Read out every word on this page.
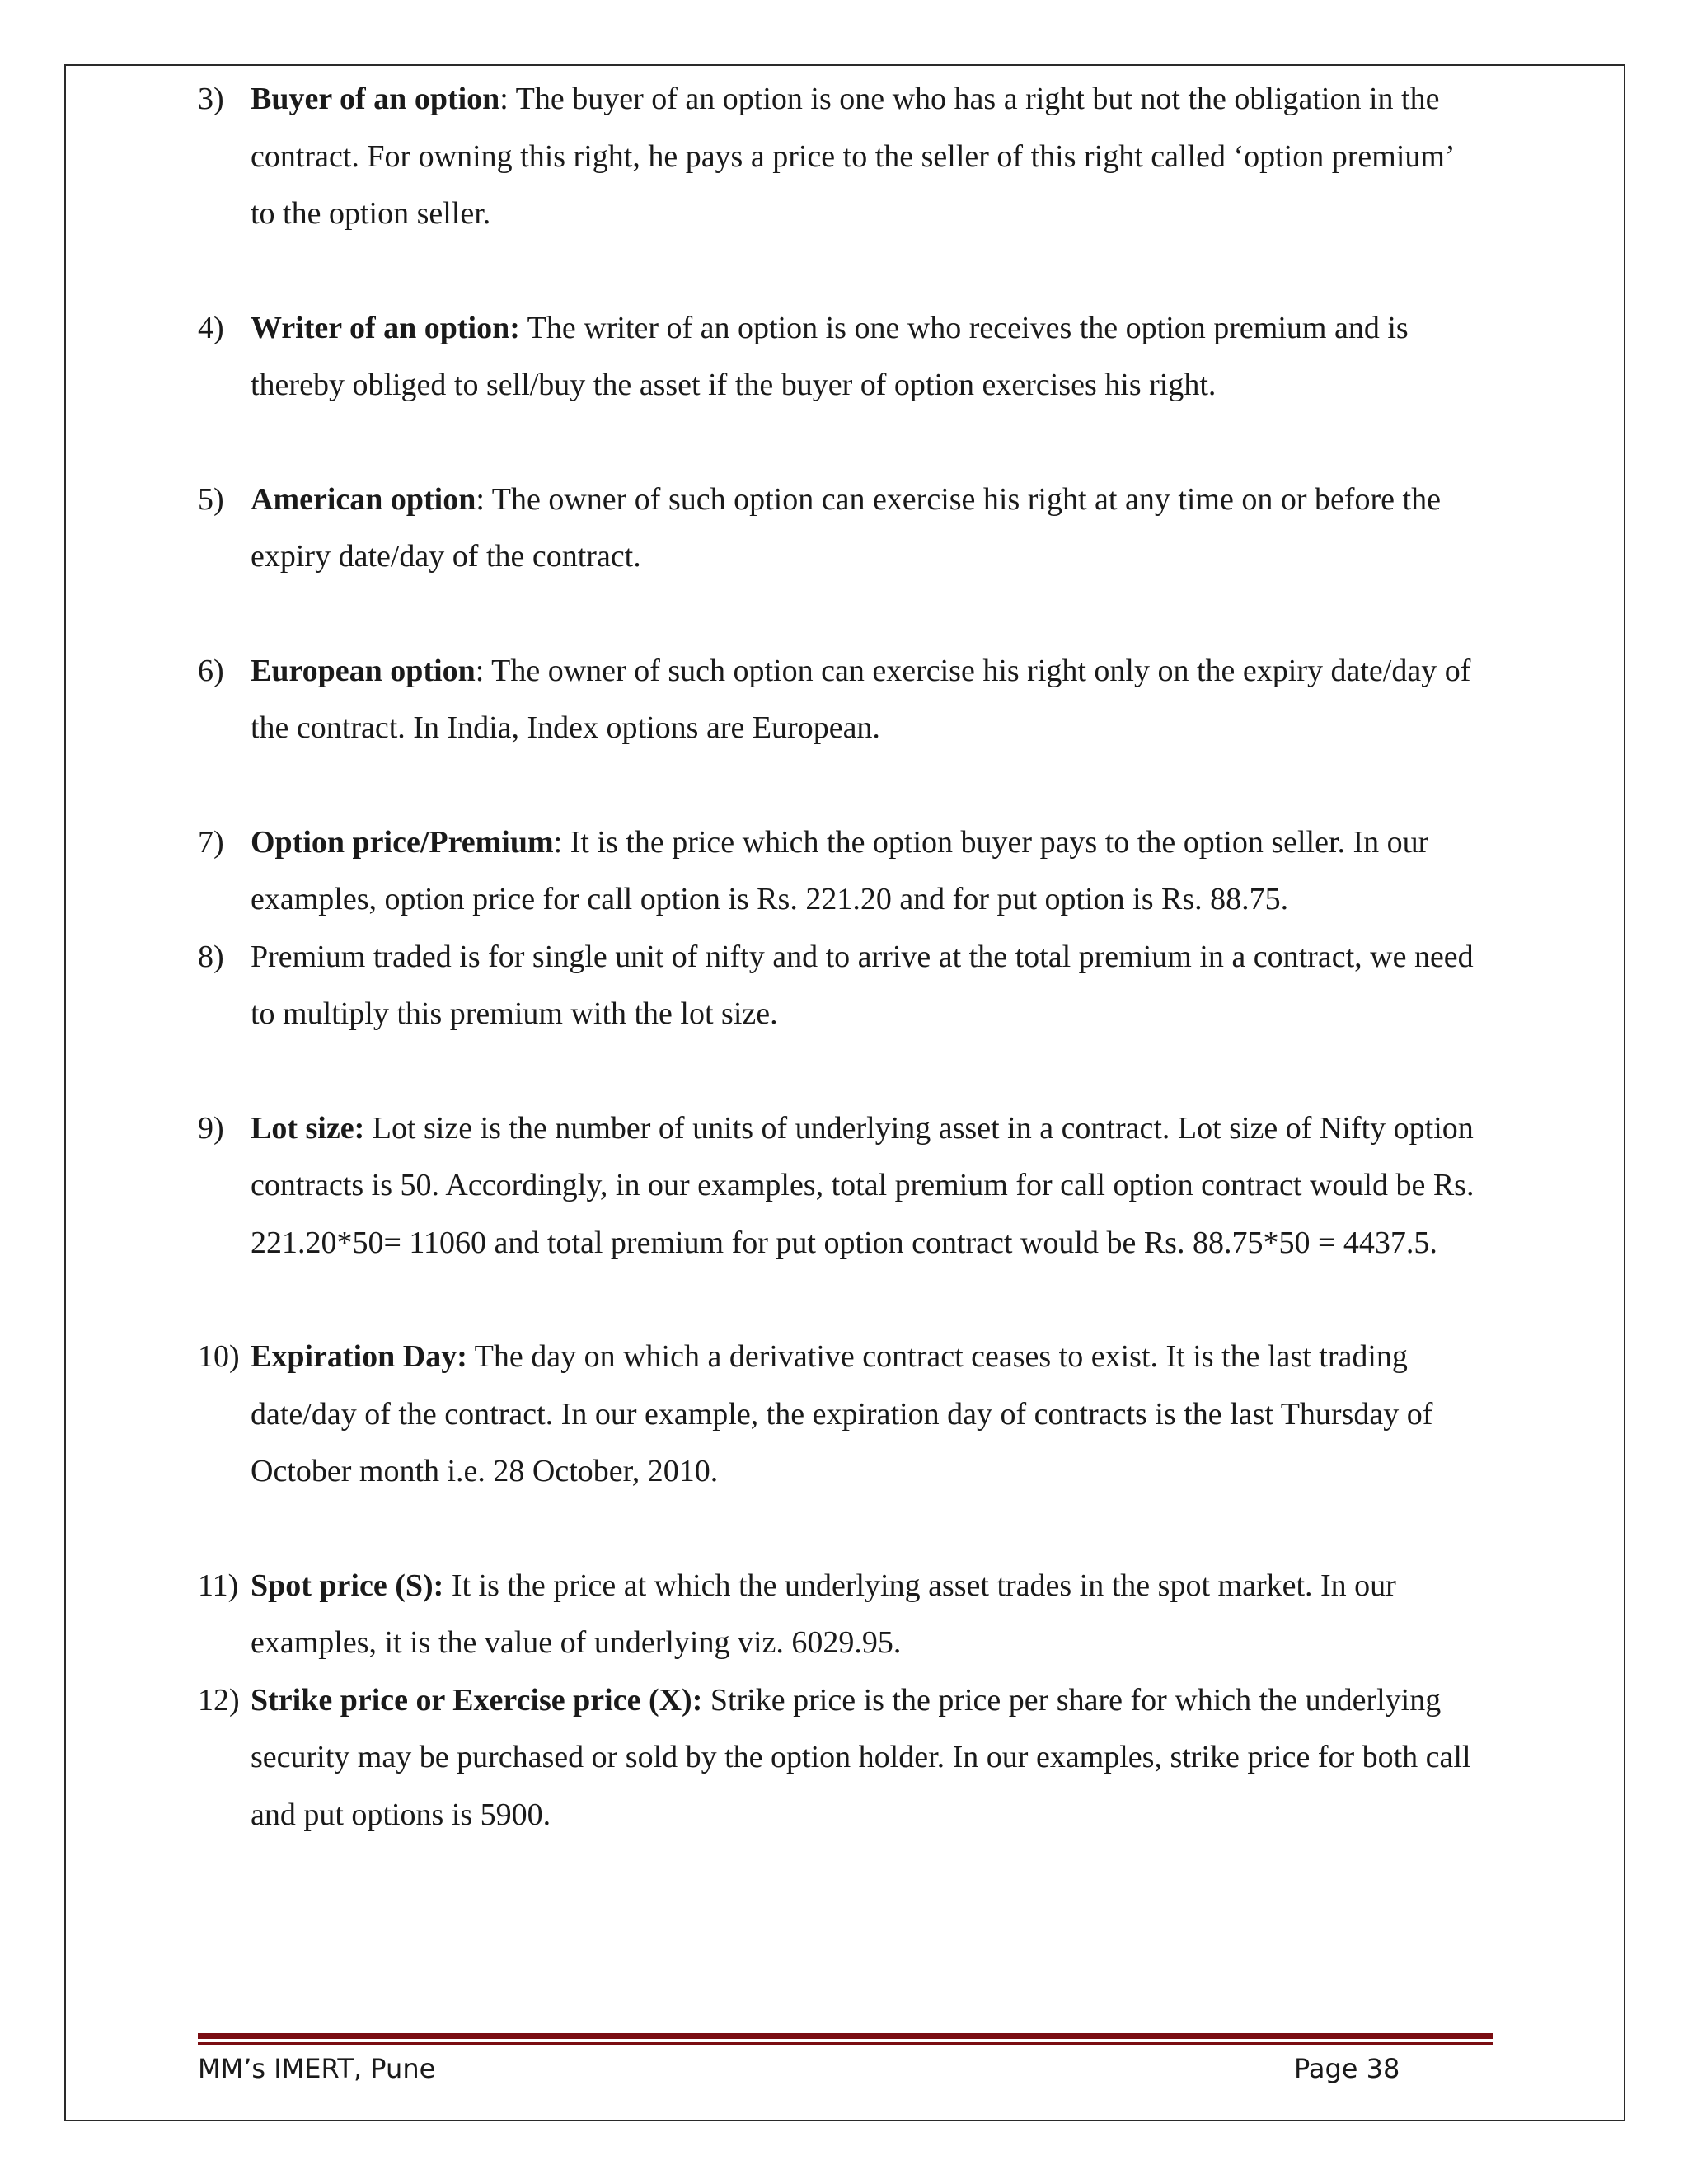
3) Buyer of an option: The buyer of an option is one who has a right but not the obligation in the contract. For owning this right, he pays a price to the seller of this right called ‘option premium’ to the option seller.
4) Writer of an option: The writer of an option is one who receives the option premium and is thereby obliged to sell/buy the asset if the buyer of option exercises his right.
5) American option: The owner of such option can exercise his right at any time on or before the expiry date/day of the contract.
6) European option: The owner of such option can exercise his right only on the expiry date/day of the contract. In India, Index options are European.
7) Option price/Premium: It is the price which the option buyer pays to the option seller. In our examples, option price for call option is Rs. 221.20 and for put option is Rs. 88.75.
8) Premium traded is for single unit of nifty and to arrive at the total premium in a contract, we need to multiply this premium with the lot size.
9) Lot size: Lot size is the number of units of underlying asset in a contract. Lot size of Nifty option contracts is 50. Accordingly, in our examples, total premium for call option contract would be Rs. 221.20*50= 11060 and total premium for put option contract would be Rs. 88.75*50 = 4437.5.
10) Expiration Day: The day on which a derivative contract ceases to exist. It is the last trading date/day of the contract. In our example, the expiration day of contracts is the last Thursday of October month i.e. 28 October, 2010.
11) Spot price (S): It is the price at which the underlying asset trades in the spot market. In our examples, it is the value of underlying viz. 6029.95.
12) Strike price or Exercise price (X): Strike price is the price per share for which the underlying security may be purchased or sold by the option holder. In our examples, strike price for both call and put options is 5900.
MM’s IMERT, Pune	Page 38
